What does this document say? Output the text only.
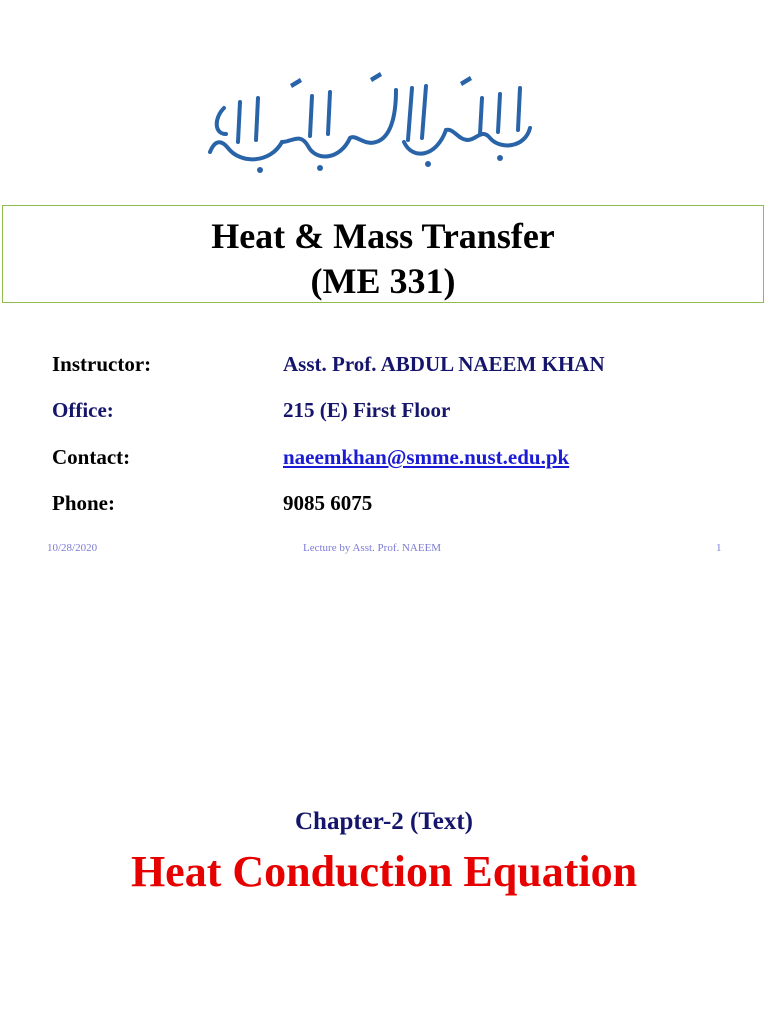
Heat & Mass Transfer
(ME 331)
Instructor:	Asst. Prof. ABDUL NAEEM KHAN
Office:	215 (E) First Floor
Contact:	naeemkhan@smme.nust.edu.pk
Phone:	9085 6075
10/28/2020	Lecture by Asst. Prof. NAEEM	1
Chapter-2 (Text)
Heat Conduction Equation
